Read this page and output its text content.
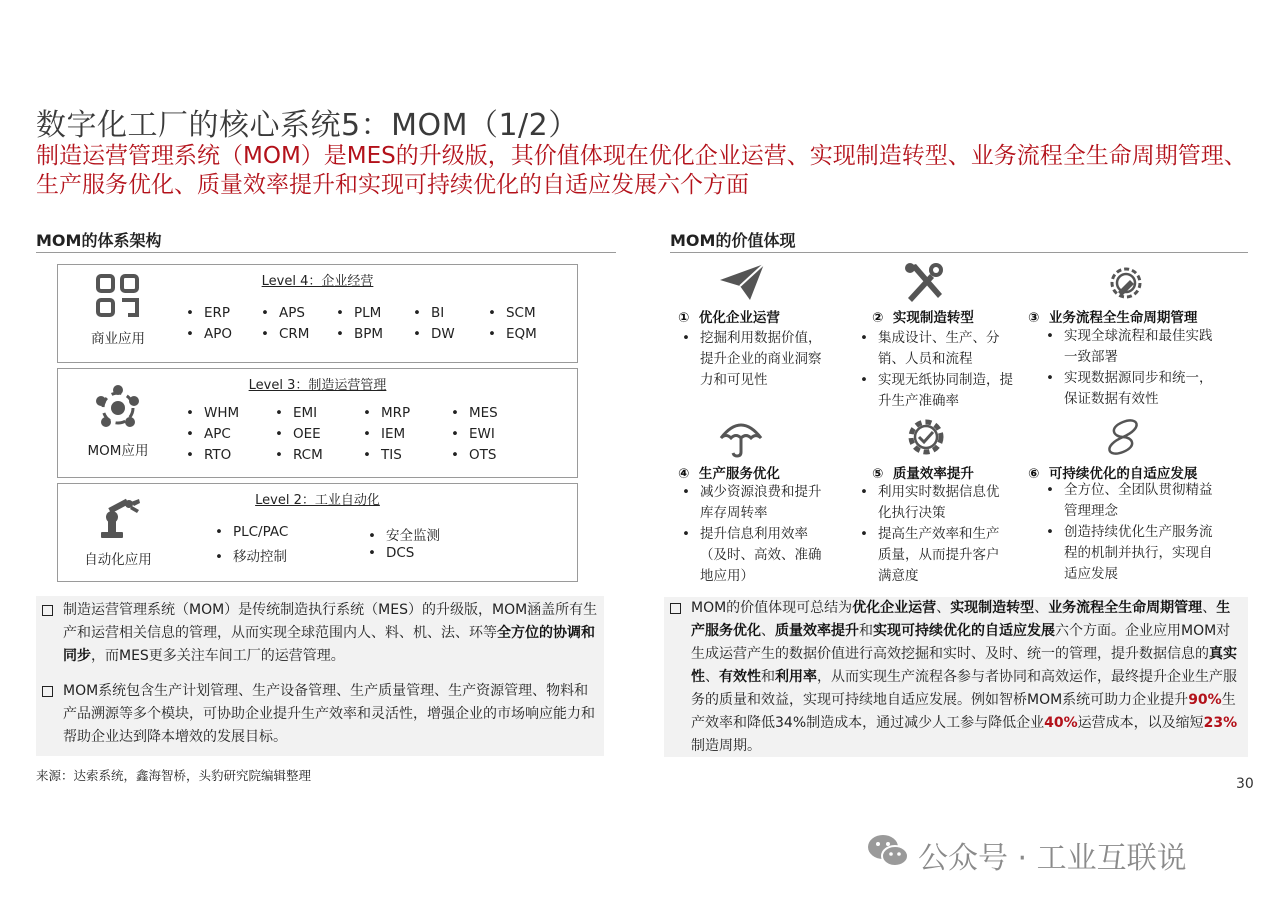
数字化工厂的核心系统5：MOM（1/2）
制造运营管理系统（MOM）是MES的升级版，其价值体现在优化企业运营、实现制造转型、业务流程全生命周期管理、生产服务优化、质量效率提升和实现可持续优化的自适应发展六个方面
MOM的体系架构
Level 4：企业经营
商业应用
• ERP	• APS	• PLM	• BI	• SCM
• APO	• CRM	• BPM	• DW	• EQM
Level 3：制造运营管理
MOM应用
• WHM	• EMI	• MRP	• MES
• APC	• OEE	• IEM	• EWI
• RTO	• RCM	• TIS	• OTS
Level 2：工业自动化
自动化应用
• PLC/PAC	• 安全监测
• 移动控制	• DCS
制造运营管理系统（MOM）是传统制造执行系统（MES）的升级版，MOM涵盖所有生产和运营相关信息的管理，从而实现全球范围内人、料、机、法、环等全方位的协调和同步，而MES更多关注车间工厂的运营管理。
MOM系统包含生产计划管理、生产设备管理、生产质量管理、生产资源管理、物料和产品溯源等多个模块，可协助企业提升生产效率和灵活性，增强企业的市场响应能力和帮助企业达到降本增效的发展目标。
MOM的价值体现
① 优化企业运营	② 实现制造转型	③ 业务流程全生命周期管理
• 挖掘利用数据价值，提升企业的商业洞察力和可见性
• 集成设计、生产、分销、人员和流程
• 实现无纸协同制造，提升生产准确率
• 实现全球流程和最佳实践一致部署
• 实现数据源同步和统一，保证数据有效性
④ 生产服务优化	⑤ 质量效率提升	⑥ 可持续优化的自适应发展
• 减少资源浪费和提升库存周转率
• 提升信息利用效率（及时、高效、准确地应用）
• 利用实时数据信息优化执行决策
• 提高生产效率和生产质量，从而提升客户满意度
• 全方位、全团队贯彻精益管理理念
• 创造持续优化生产服务流程的机制并执行，实现自适应发展
MOM的价值体现可总结为优化企业运营、实现制造转型、业务流程全生命周期管理、生产服务优化、质量效率提升和实现可持续优化的自适应发展六个方面。企业应用MOM对生成运营产生的数据价值进行高效挖掘和实时、及时、统一的管理，提升数据信息的真实性、有效性和利用率，从而实现生产流程各参与者协同和高效运作，最终提升企业生产服务的质量和效益，实现可持续地自适应发展。例如智桥MOM系统可助力企业提升90%生产效率和降低34%制造成本，通过减少人工参与降低企业40%运营成本，以及缩短23%制造周期。
来源：达索系统，鑫海智桥，头豹研究院编辑整理
30
公众号 · 工业互联说
